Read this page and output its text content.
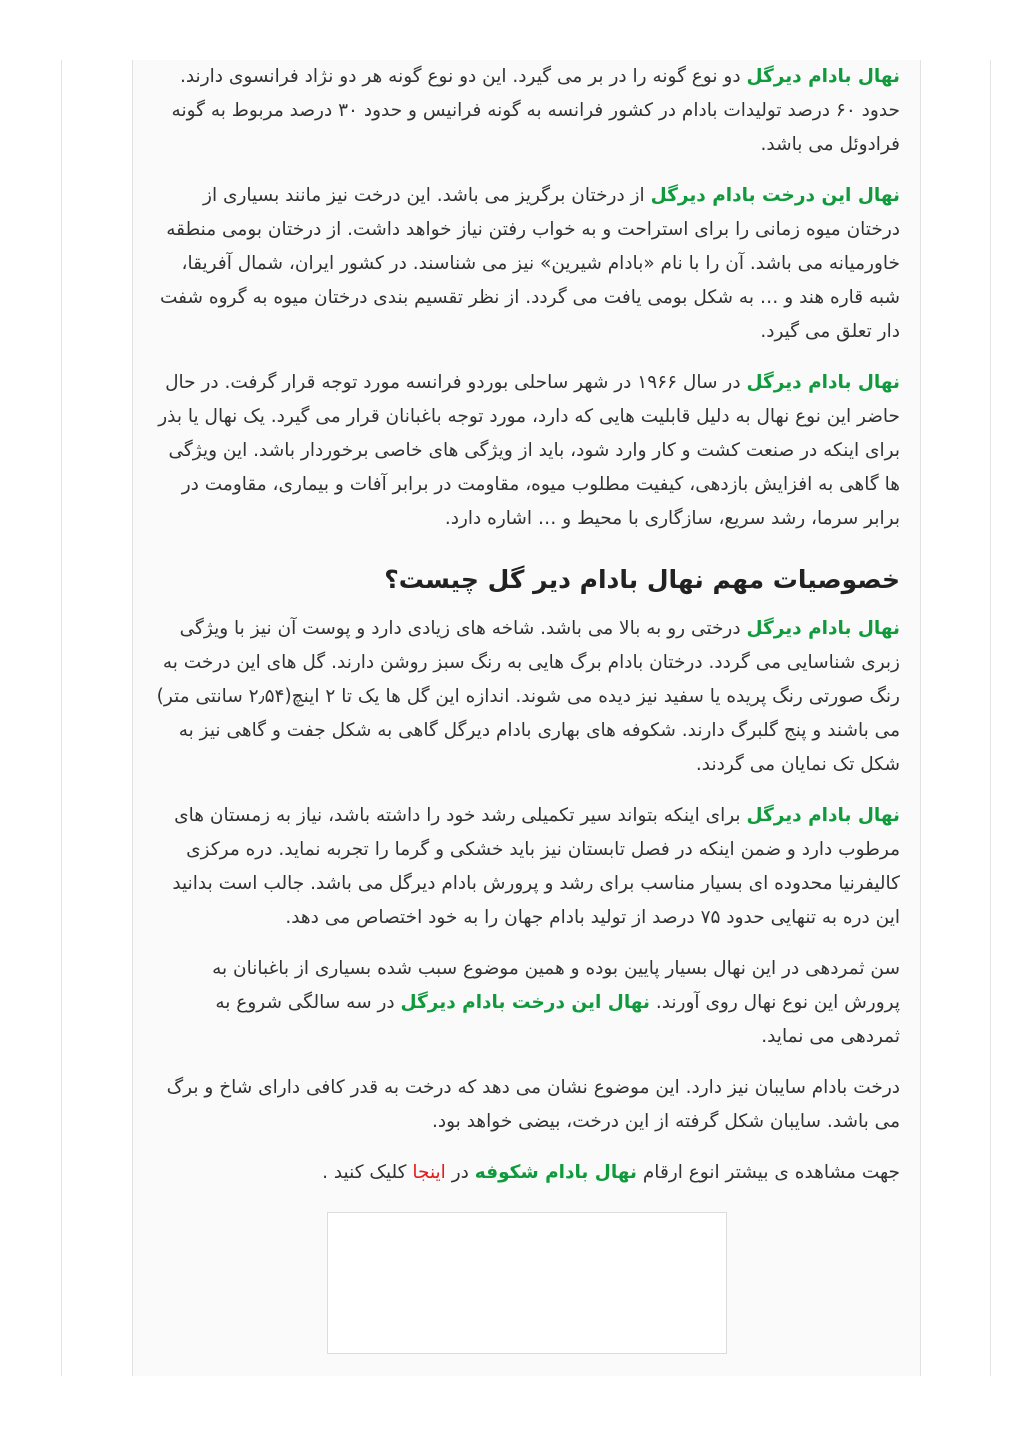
نهال بادام دیرگل دو نوع گونه را در بر می گیرد. این دو نوع گونه هر دو نژاد فرانسوی دارند. حدود ۶۰ درصد تولیدات بادام در کشور فرانسه به گونه فرانیس و حدود ۳۰ درصد مربوط به گونه فرادوئل می باشد.

نهال این درخت بادام دیرگل از درختان برگریز می باشد. این درخت نیز مانند بسیاری از درختان میوه زمانی را برای استراحت و به خواب رفتن نیاز خواهد داشت. از درختان بومی منطقه خاورمیانه می باشد. آن را با نام «بادام شیرین» نیز می شناسند. در کشور ایران، شمال آفریقا، شبه قاره هند و … به شکل بومی یافت می گردد. از نظر تقسیم بندی درختان میوه به گروه شفت دار تعلق می گیرد.

نهال بادام دیرگل در سال ۱۹۶۶ در شهر ساحلی بوردو فرانسه مورد توجه قرار گرفت. در حال حاضر این نوع نهال به دلیل قابلیت هایی که دارد، مورد توجه باغبانان قرار می گیرد. یک نهال یا بذر برای اینکه در صنعت کشت و کار وارد شود، باید از ویژگی های خاصی برخوردار باشد. این ویژگی ها گاهی به افزایش بازدهی، کیفیت مطلوب میوه، مقاومت در برابر آفات و بیماری، مقاومت در برابر سرما، رشد سریع، سازگاری با محیط و … اشاره دارد.

خصوصیات مهم نهال بادام دیر گل چیست؟

نهال بادام دیرگل درختی رو به بالا می باشد. شاخه های زیادی دارد و پوست آن نیز با ویژگی زبری شناسایی می گردد. درختان بادام برگ هایی به رنگ سبز روشن دارند. گل های این درخت به رنگ صورتی رنگ پریده یا سفید نیز دیده می شوند. اندازه این گل ها یک تا ۲ اینچ(۲٫۵۴ سانتی متر) می باشند و پنج گلبرگ دارند. شکوفه های بهاری بادام دیرگل گاهی به شکل جفت و گاهی نیز به شکل تک نمایان می گردند.

نهال بادام دیرگل برای اینکه بتواند سیر تکمیلی رشد خود را داشته باشد، نیاز به زمستان های مرطوب دارد و ضمن اینکه در فصل تابستان نیز باید خشکی و گرما را تجربه نماید. دره مرکزی کالیفرنیا محدوده ای بسیار مناسب برای رشد و پرورش بادام دیرگل می باشد. جالب است بدانید این دره به تنهایی حدود ۷۵ درصد از تولید بادام جهان را به خود اختصاص می دهد.

سن ثمردهی در این نهال بسیار پایین بوده و همین موضوع سبب شده بسیاری از باغبانان به پرورش این نوع نهال روی آورند. نهال این درخت بادام دیرگل در سه سالگی شروع به ثمردهی می نماید.

درخت بادام سایبان نیز دارد. این موضوع نشان می دهد که درخت به قدر کافی دارای شاخ و برگ می باشد. سایبان شکل گرفته از این درخت، بیضی خواهد بود.

جهت مشاهده ی بیشتر انوع ارقام نهال بادام شکوفه در اینجا کلیک کنید .
